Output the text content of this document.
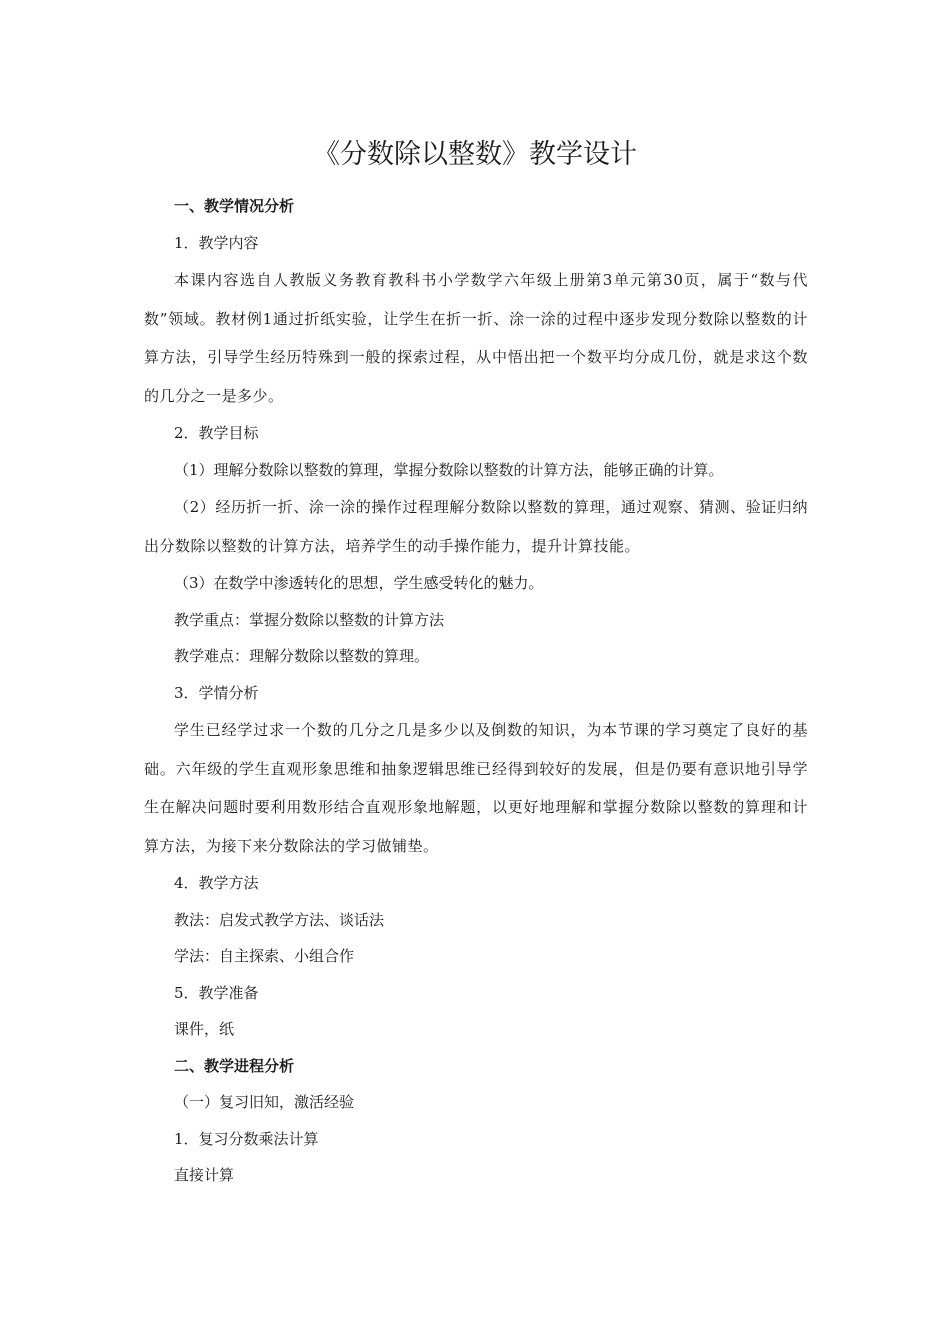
《分数除以整数》教学设计

一、教学情况分析

1．教学内容

本课内容选自人教版义务教育教科书小学数学六年级上册第3单元第30页，属于“数与代数”领域。教材例1通过折纸实验，让学生在折一折、涂一涂的过程中逐步发现分数除以整数的计算方法，引导学生经历特殊到一般的探索过程，从中悟出把一个数平均分成几份，就是求这个数的几分之一是多少。

2．教学目标

（1）理解分数除以整数的算理，掌握分数除以整数的计算方法，能够正确的计算。

（2）经历折一折、涂一涂的操作过程理解分数除以整数的算理，通过观察、猜测、验证归纳出分数除以整数的计算方法，培养学生的动手操作能力，提升计算技能。

（3）在数学中渗透转化的思想，学生感受转化的魅力。

教学重点：掌握分数除以整数的计算方法

教学难点：理解分数除以整数的算理。

3．学情分析

学生已经学过求一个数的几分之几是多少以及倒数的知识，为本节课的学习奠定了良好的基础。六年级的学生直观形象思维和抽象逻辑思维已经得到较好的发展，但是仍要有意识地引导学生在解决问题时要利用数形结合直观形象地解题，以更好地理解和掌握分数除以整数的算理和计算方法，为接下来分数除法的学习做铺垫。

4．教学方法

教法：启发式教学方法、谈话法

学法：自主探索、小组合作

5．教学准备

课件，纸

二、教学进程分析

（一）复习旧知，激活经验

1．复习分数乘法计算

直接计算
